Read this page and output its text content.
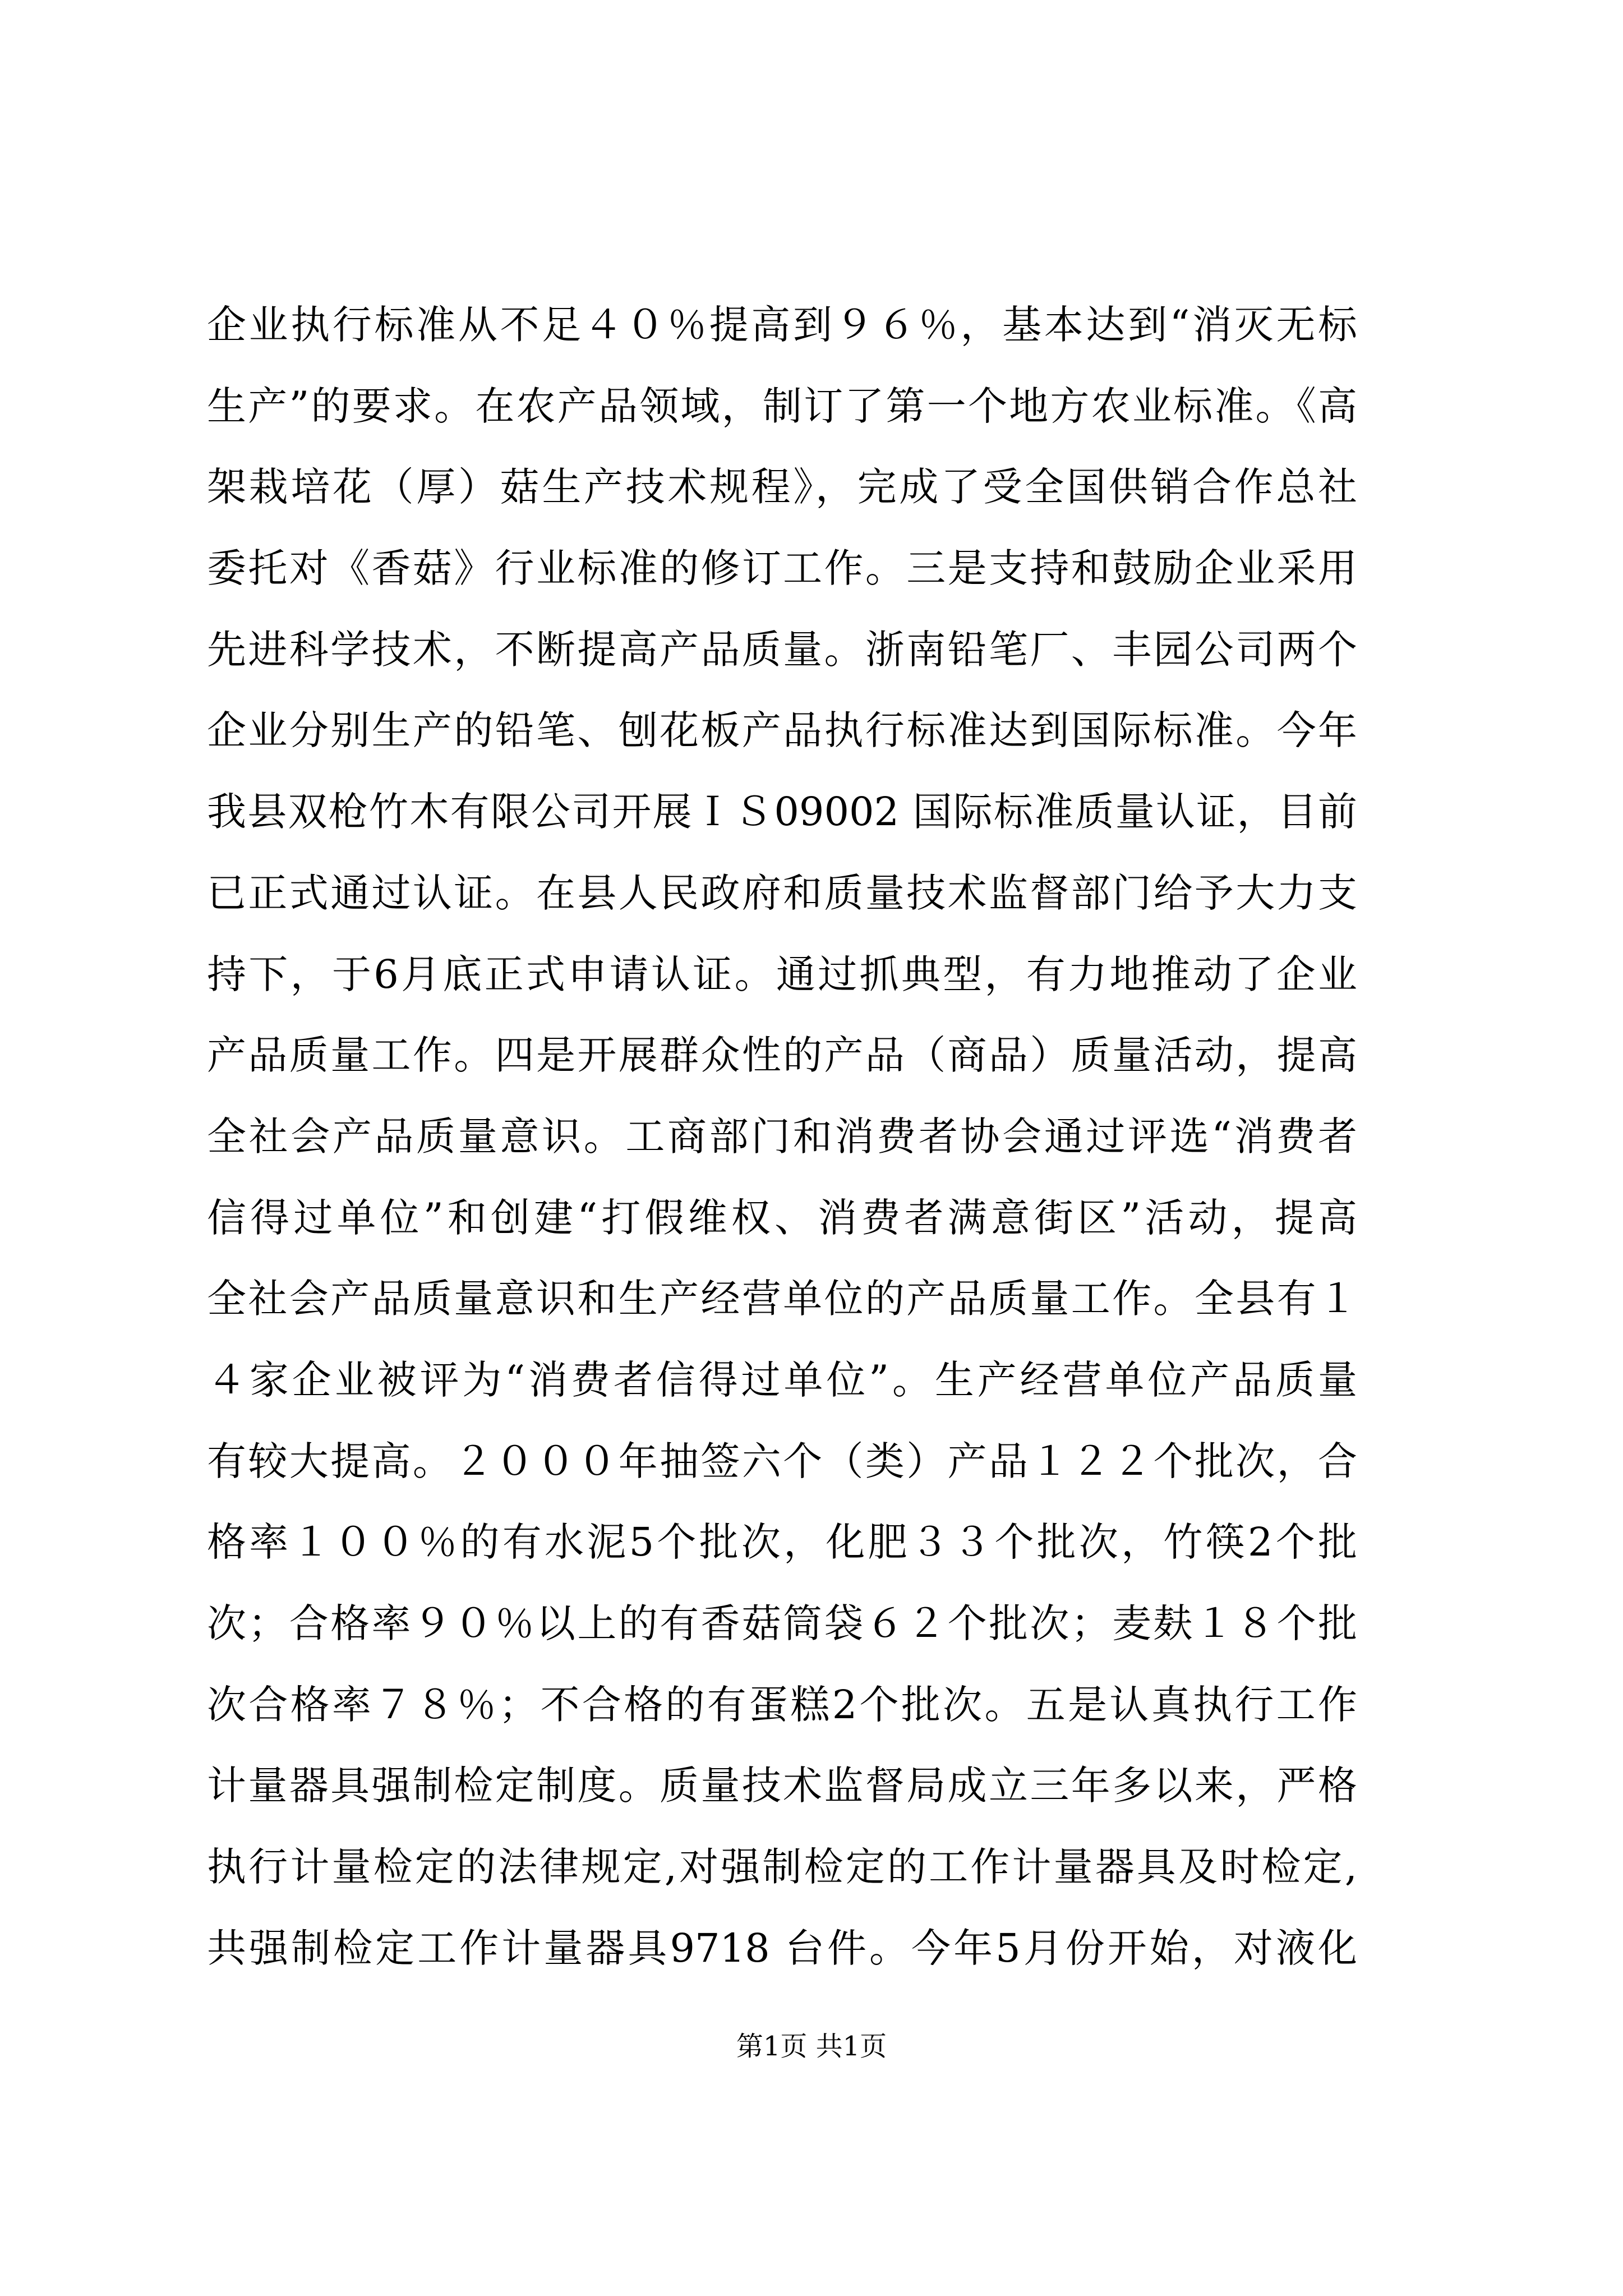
企业执行标准从不足４０％提高到９６％，基本达到“消灭无标
生产”的要求。在农产品领域，制订了第一个地方农业标准。《高
架栽培花（厚）菇生产技术规程》，完成了受全国供销合作总社
委托对《香菇》行业标准的修订工作。三是支持和鼓励企业采用
先进科学技术，不断提高产品质量。浙南铅笔厂、丰园公司两个
企业分别生产的铅笔、刨花板产品执行标准达到国际标准。今年
我县双枪竹木有限公司开展ＩＳ09002 国际标准质量认证，目前
已正式通过认证。在县人民政府和质量技术监督部门给予大力支
持下，于6月底正式申请认证。通过抓典型，有力地推动了企业
产品质量工作。四是开展群众性的产品（商品）质量活动，提高
全社会产品质量意识。工商部门和消费者协会通过评选“消费者
信得过单位”和创建“打假维权、消费者满意街区”活动，提高
全社会产品质量意识和生产经营单位的产品质量工作。全县有１
４家企业被评为“消费者信得过单位”。生产经营单位产品质量
有较大提高。２０００年抽签六个（类）产品１２２个批次，合
格率１００％的有水泥5个批次，化肥３３个批次，竹筷2个批
次；合格率９０％以上的有香菇筒袋６２个批次；麦麸１８个批
次合格率７８％；不合格的有蛋糕2个批次。五是认真执行工作
计量器具强制检定制度。质量技术监督局成立三年多以来，严格
执行计量检定的法律规定,对强制检定的工作计量器具及时检定,
共强制检定工作计量器具9718 台件。今年5月份开始，对液化
第1页 共1页
